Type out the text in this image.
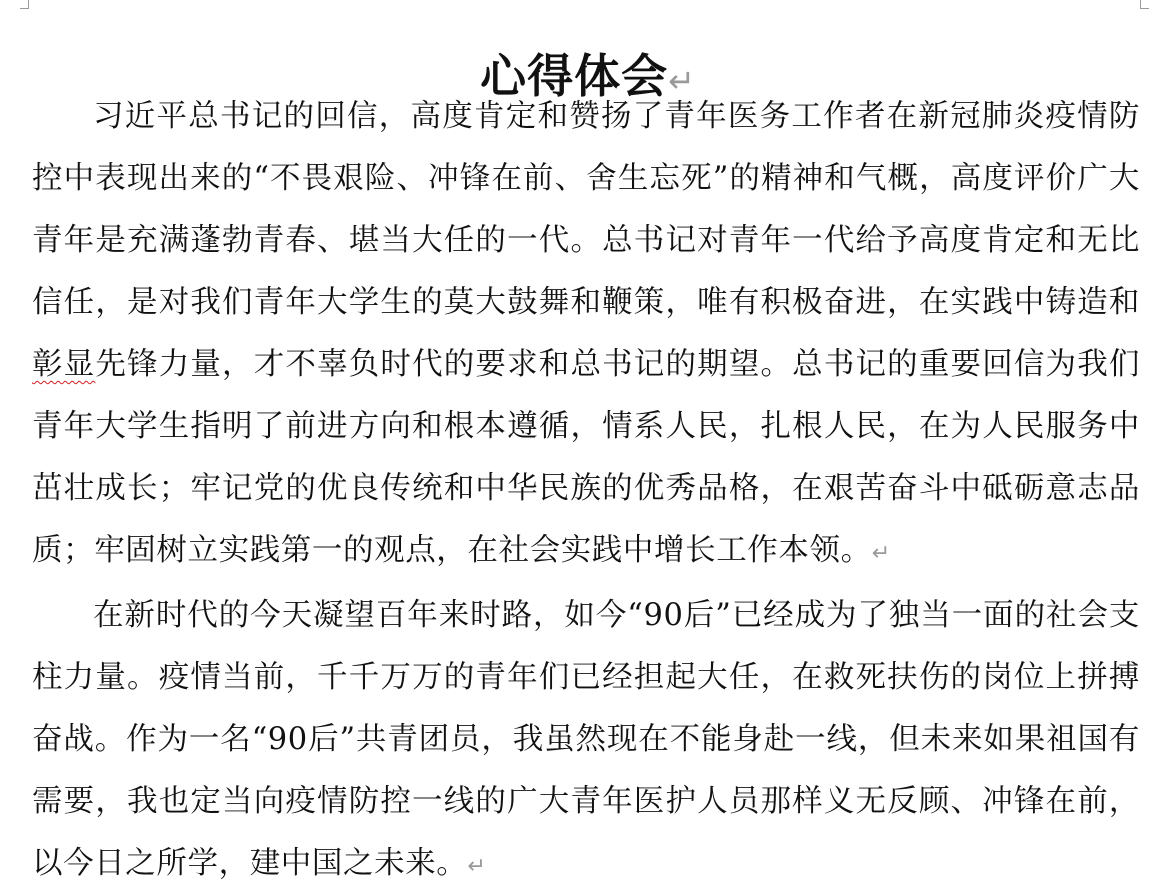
心得体会↵

习近平总书记的回信，高度肯定和赞扬了青年医务工作者在新冠肺炎疫情防控中表现出来的“不畏艰险、冲锋在前、舍生忘死”的精神和气概，高度评价广大青年是充满蓬勃青春、堪当大任的一代。总书记对青年一代给予高度肯定和无比信任，是对我们青年大学生的莫大鼓舞和鞭策，唯有积极奋进，在实践中铸造和彰显先锋力量，才不辜负时代的要求和总书记的期望。总书记的重要回信为我们青年大学生指明了前进方向和根本遵循，情系人民，扎根人民，在为人民服务中茁壮成长；牢记党的优良传统和中华民族的优秀品格，在艰苦奋斗中砥砺意志品质；牢固树立实践第一的观点，在社会实践中增长工作本领。↵

在新时代的今天凝望百年来时路，如今“90后”已经成为了独当一面的社会支柱力量。疫情当前，千千万万的青年们已经担起大任，在救死扶伤的岗位上拼搏奋战。作为一名“90后”共青团员，我虽然现在不能身赴一线，但未来如果祖国有需要，我也定当向疫情防控一线的广大青年医护人员那样义无反顾、冲锋在前，以今日之所学，建中国之未来。↵
